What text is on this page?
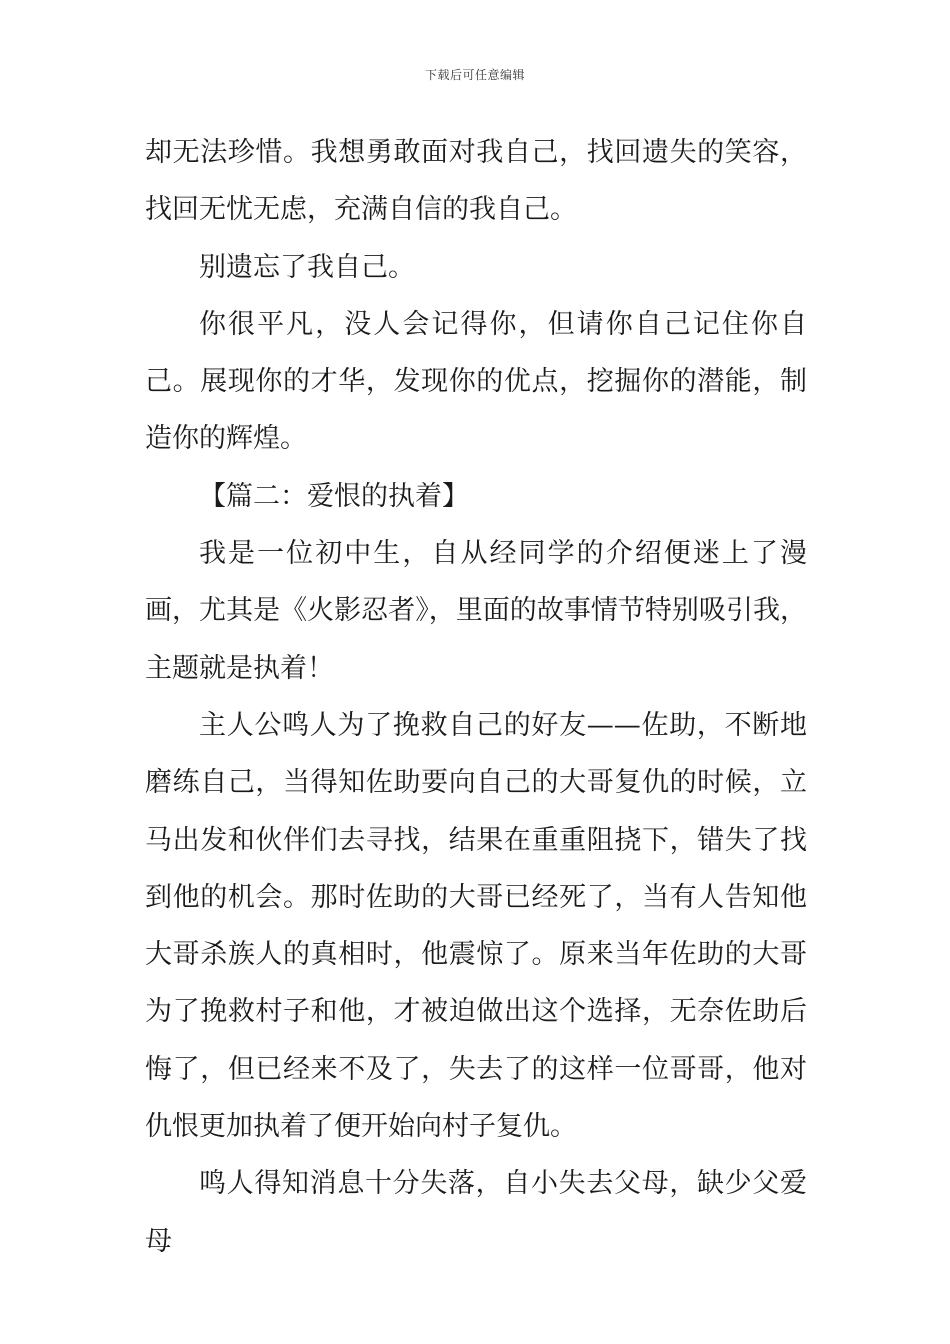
下载后可任意编辑

却无法珍惜。我想勇敢面对我自己，找回遗失的笑容，找回无忧无虑，充满自信的我自己。

别遗忘了我自己。

你很平凡，没人会记得你，但请你自己记住你自己。展现你的才华，发现你的优点，挖掘你的潜能，制造你的辉煌。

【篇二：爱恨的执着】

我是一位初中生，自从经同学的介绍便迷上了漫画，尤其是《火影忍者》，里面的故事情节特别吸引我，主题就是执着！

主人公鸣人为了挽救自己的好友——佐助，不断地磨练自己，当得知佐助要向自己的大哥复仇的时候，立马出发和伙伴们去寻找，结果在重重阻挠下，错失了找到他的机会。那时佐助的大哥已经死了，当有人告知他大哥杀族人的真相时，他震惊了。原来当年佐助的大哥为了挽救村子和他，才被迫做出这个选择，无奈佐助后悔了，但已经来不及了，失去了的这样一位哥哥，他对仇恨更加执着了便开始向村子复仇。

鸣人得知消息十分失落，自小失去父母，缺少父爱母
